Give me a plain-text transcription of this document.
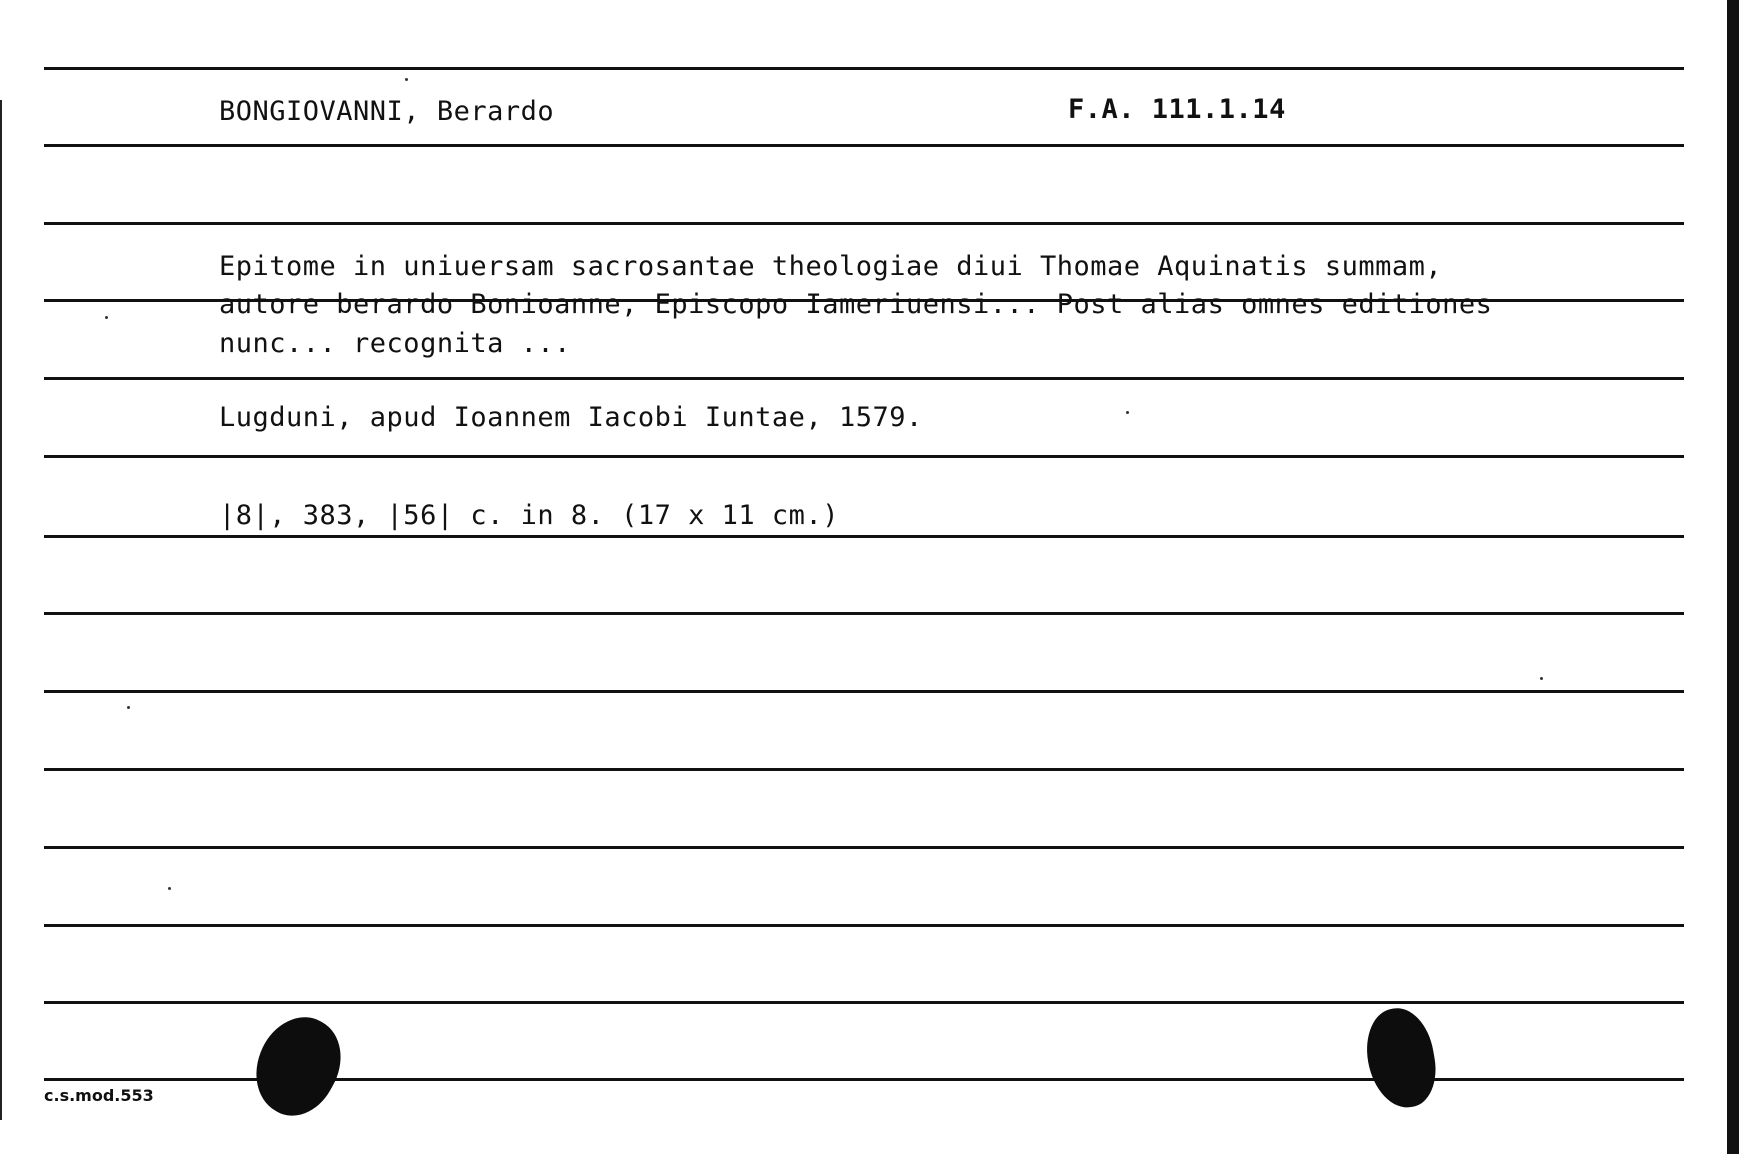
BONGIOVANNI, Berardo	F.A. 111.1.14
Epitome in uniuersam sacrosantae theologiae diui Thomae Aquinatis summam,
autore berardo Bonioanne, Episcopo Iameriuensi... Post alias omnes editiones
nunc... recognita ...
Lugduni, apud Ioannem Iacobi Iuntae, 1579.
|8|, 383, |56| c. in 8. (17 x 11 cm.)
c.s.mod.553
